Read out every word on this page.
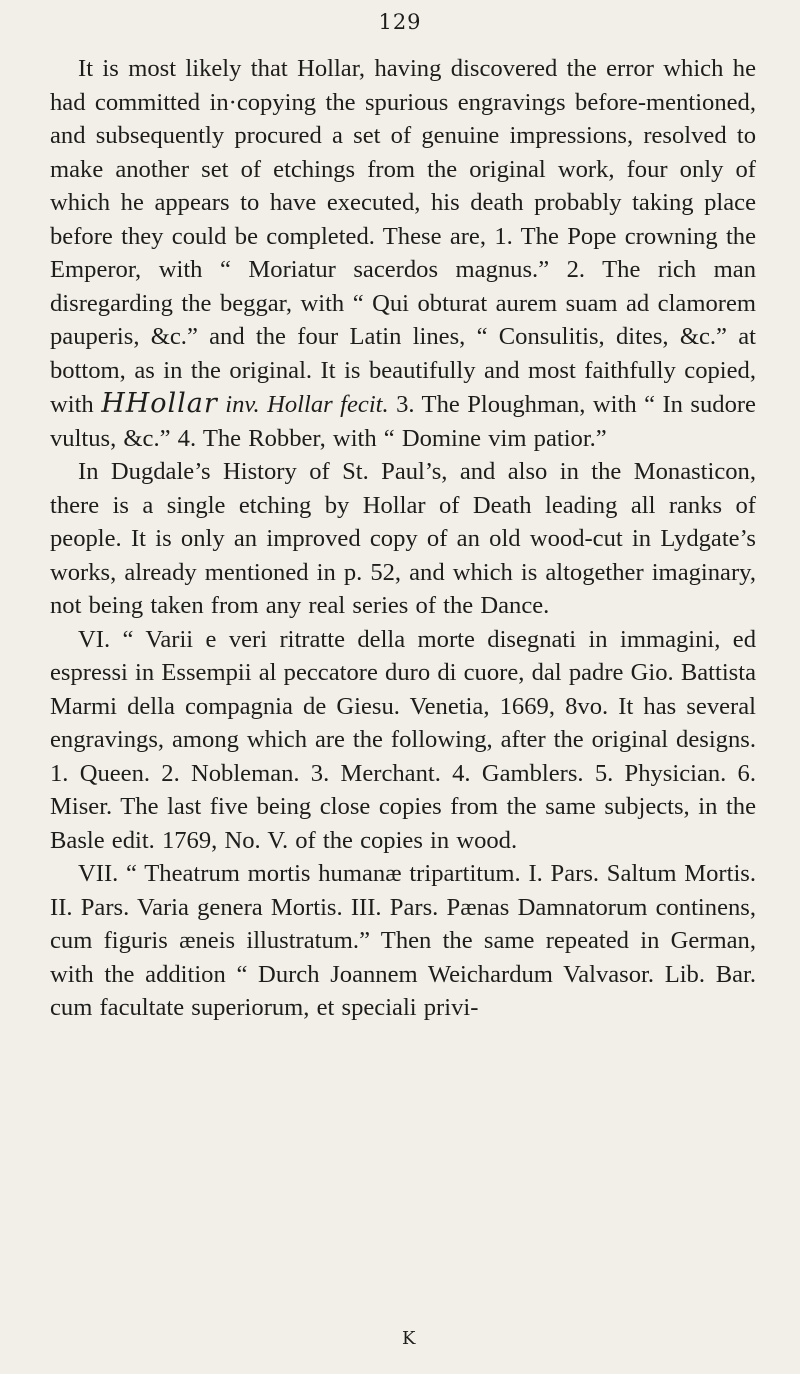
129

It is most likely that Hollar, having discovered the error which he had committed in·copying the spurious engravings before-mentioned, and subsequently procured a set of genuine impressions, resolved to make another set of etchings from the original work, four only of which he appears to have executed, his death probably taking place before they could be completed. These are, 1. The Pope crowning the Emperor, with “ Moriatur sacerdos magnus.” 2. The rich man disregarding the beggar, with “ Qui obturat aurem suam ad clamorem pauperis, &c.” and the four Latin lines, “ Consulitis, dites, &c.” at bottom, as in the original. It is beautifully and most faithfully copied, with HHollar inv. Hollar fecit. 3. The Ploughman, with “ In sudore vultus, &c.” 4. The Robber, with “ Domine vim patior.”

In Dugdale’s History of St. Paul’s, and also in the Monasticon, there is a single etching by Hollar of Death leading all ranks of people. It is only an improved copy of an old wood-cut in Lydgate’s works, already mentioned in p. 52, and which is altogether imaginary, not being taken from any real series of the Dance.

VI. “ Varii e veri ritratte della morte disegnati in immagini, ed espressi in Essempii al peccatore duro di cuore, dal padre Gio. Battista Marmi della compagnia de Giesu. Venetia, 1669, 8vo. It has several engravings, among which are the following, after the original designs. 1. Queen. 2. Nobleman. 3. Merchant. 4. Gamblers. 5. Physician. 6. Miser. The last five being close copies from the same subjects, in the Basle edit. 1769, No. V. of the copies in wood.

VII. “ Theatrum mortis humanæ tripartitum. I. Pars. Saltum Mortis. II. Pars. Varia genera Mortis. III. Pars. Pænas Damnatorum continens, cum figuris æneis illustratum.” Then the same repeated in German, with the addition “ Durch Joannem Weichardum Valvasor. Lib. Bar. cum facultate superiorum, et speciali privi-

K
